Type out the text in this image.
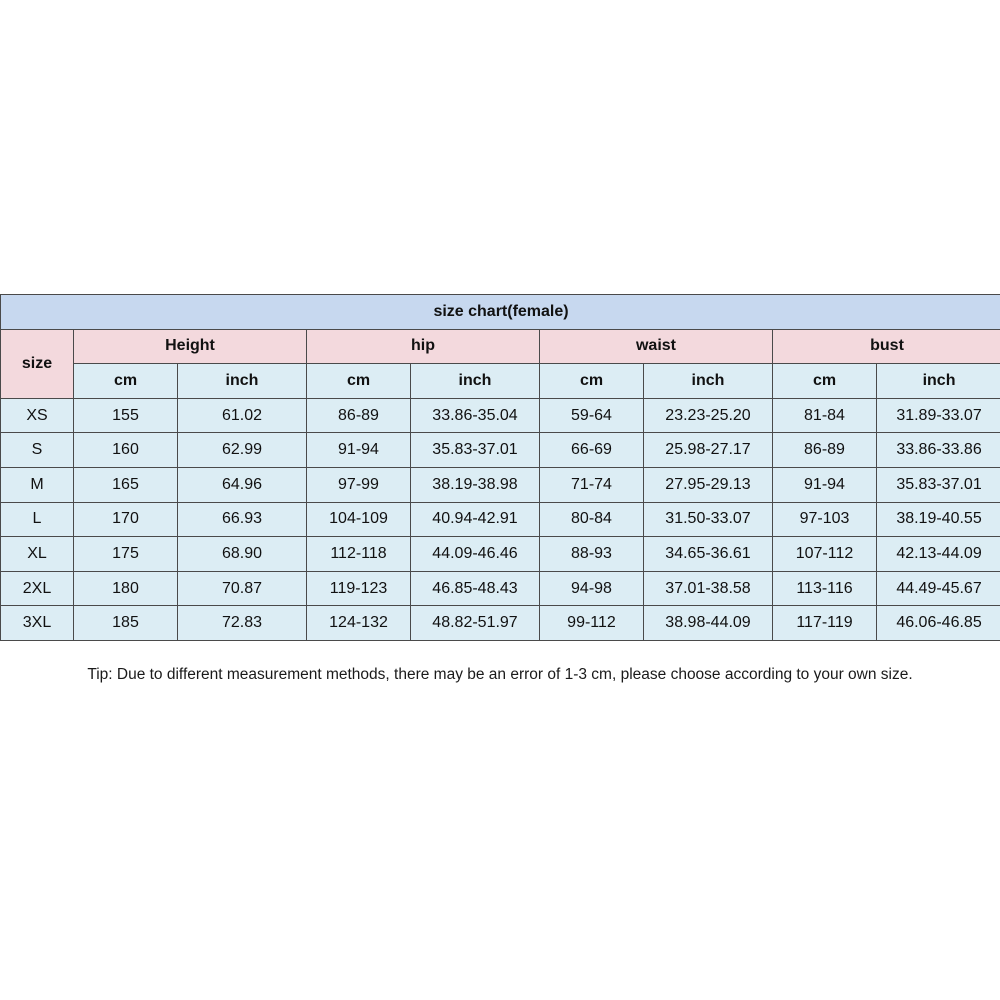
size chart(female)								
size	Height		hip		waist		bust	
	cm	inch	cm	inch	cm	inch	cm	inch
XS	155	61.02	86-89	33.86-35.04	59-64	23.23-25.20	81-84	31.89-33.07
S	160	62.99	91-94	35.83-37.01	66-69	25.98-27.17	86-89	33.86-33.86
M	165	64.96	97-99	38.19-38.98	71-74	27.95-29.13	91-94	35.83-37.01
L	170	66.93	104-109	40.94-42.91	80-84	31.50-33.07	97-103	38.19-40.55
XL	175	68.90	112-118	44.09-46.46	88-93	34.65-36.61	107-112	42.13-44.09
2XL	180	70.87	119-123	46.85-48.43	94-98	37.01-38.58	113-116	44.49-45.67
3XL	185	72.83	124-132	48.82-51.97	99-112	38.98-44.09	117-119	46.06-46.85
Tip: Due to different measurement methods, there may be an error of 1-3 cm, please choose according to your own size.
